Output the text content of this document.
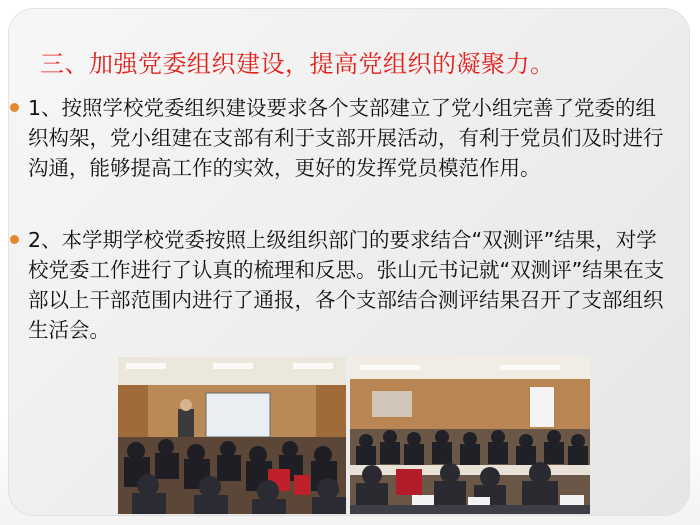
三、加强党委组织建设，提高党组织的凝聚力。
1、按照学校党委组织建设要求各个支部建立了党小组完善了党委的组织构架，党小组建在支部有利于支部开展活动，有利于党员们及时进行沟通，能够提高工作的实效，更好的发挥党员模范作用。
2、本学期学校党委按照上级组织部门的要求结合“双测评”结果，对学校党委工作进行了认真的梳理和反思。张山元书记就“双测评”结果在支部以上干部范围内进行了通报，各个支部结合测评结果召开了支部组织生活会。
